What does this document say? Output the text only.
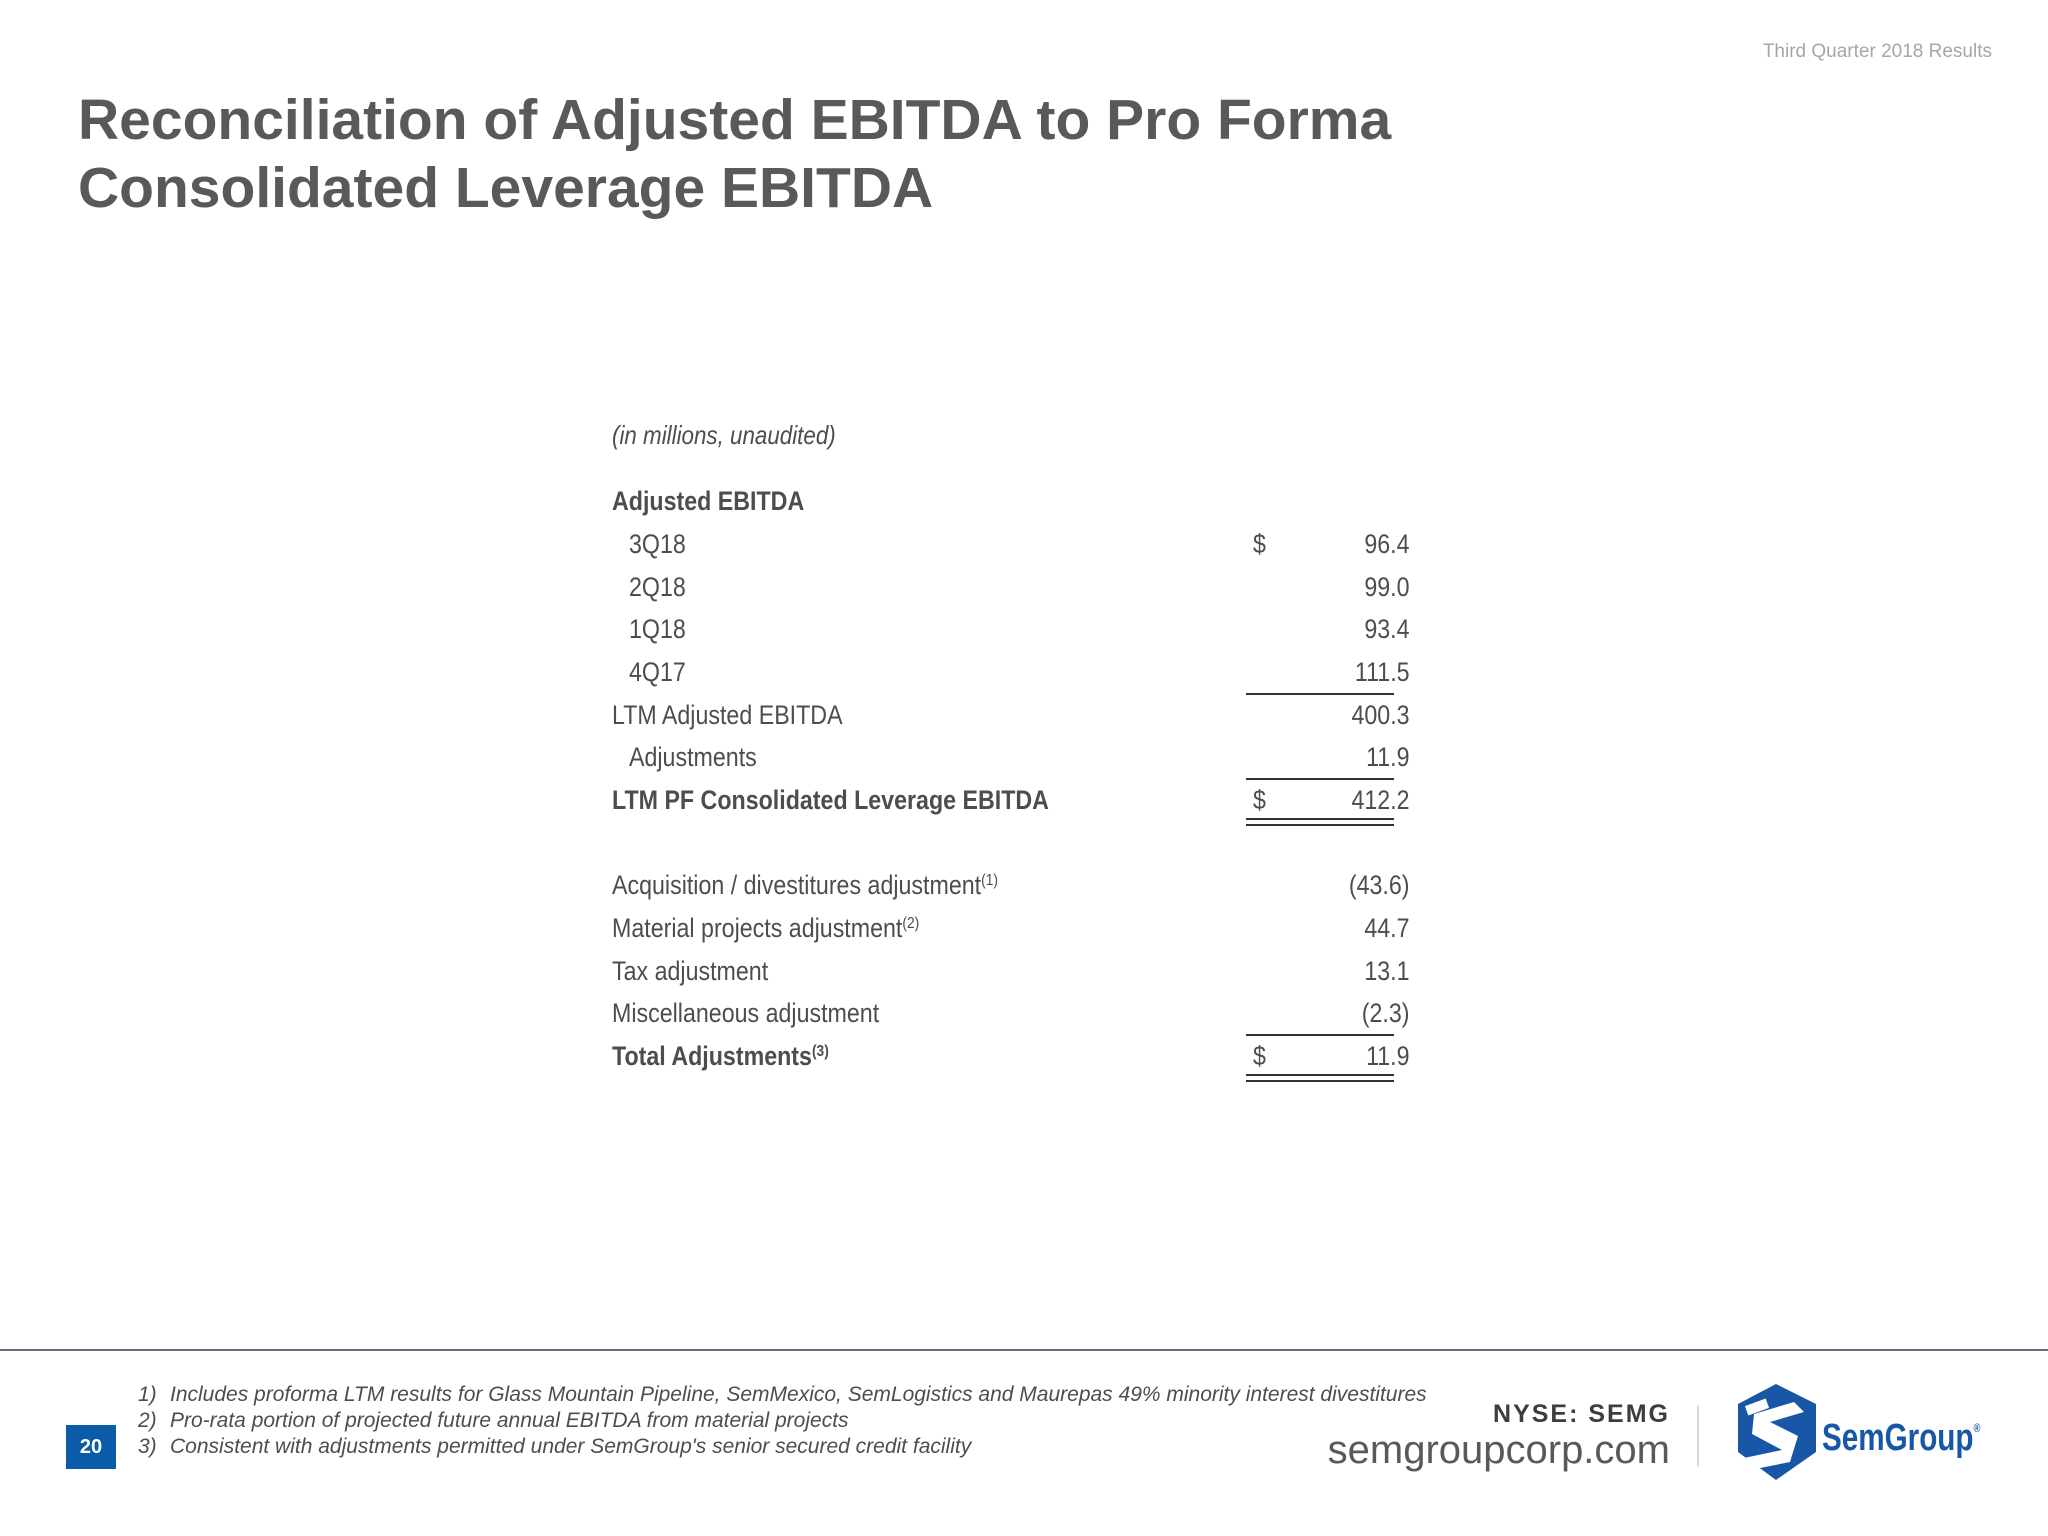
Third Quarter 2018 Results
Reconciliation of Adjusted EBITDA to Pro Forma
Consolidated Leverage EBITDA
(in millions, unaudited)
Adjusted EBITDA
3Q18	$	96.4
2Q18	99.0
1Q18	93.4
4Q17	111.5
LTM Adjusted EBITDA	400.3
Adjustments	11.9
LTM PF Consolidated Leverage EBITDA	$	412.2
Acquisition / divestitures adjustment$^{(1)}$	(43.6)
Material projects adjustment$^{(2)}$	44.7
Tax adjustment	13.1
Miscellaneous adjustment	(2.3)
Total Adjustments$^{(3)}$	$	11.9
20
1) Includes proforma LTM results for Glass Mountain Pipeline, SemMexico, SemLogistics and Maurepas 49% minority interest divestitures
2) Pro-rata portion of projected future annual EBITDA from material projects
3) Consistent with adjustments permitted under SemGroup's senior secured credit facility
NYSE: SEMG
semgroupcorp.com	SemGroup®
